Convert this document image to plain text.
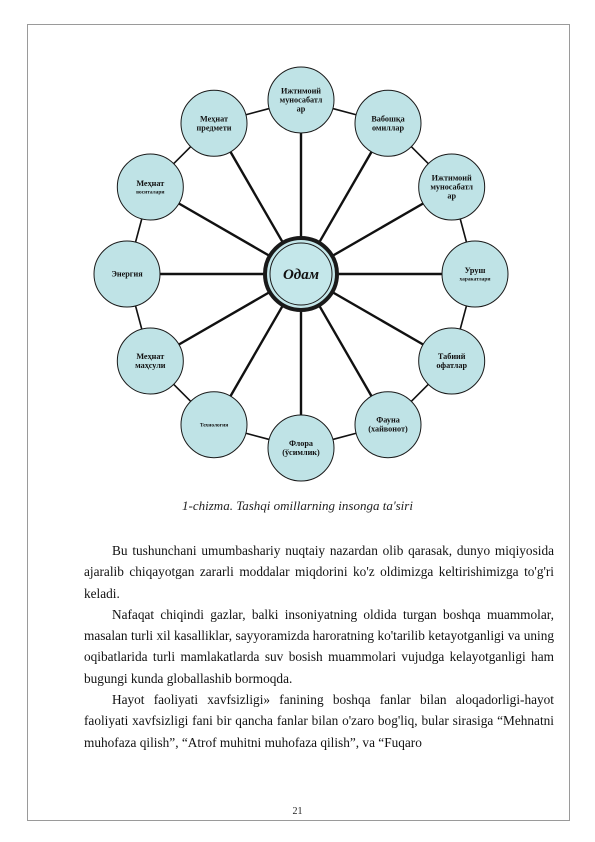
Ижтимоий
муносабатл
ар
Вабошқа
омиллар
Ижтимоий
муносабатл
ар
Уруш
харакатлари
Табиий
офатлар
Фауна
(хайвонот)
Флора
(ўсимлик)
Технология
Меҳнат
маҳсули
Энергия
Меҳнат
воситалари
Меҳнат
предмети
Одам
1-chizma. Tashqi omillarning insonga ta'siri

Bu tushunchani umumbashariy nuqtaiy nazardan olib qarasak, dunyo miqiyosida ajaralib chiqayotgan zararli moddalar miqdorini ko'z oldimizga keltirishimizga to'g'ri keladi.

Nafaqat chiqindi gazlar, balki insoniyatning oldida turgan boshqa muammolar, masalan turli xil kasalliklar, sayyoramizda haroratning ko'tarilib ketayotganligi va uning oqibatlarida turli mamlakatlarda suv bosish muammolari vujudga kelayotganligi ham bugungi kunda globallashib bormoqda.

Hayot faoliyati xavfsizligi» fanining boshqa fanlar bilan aloqadorligi-hayot faoliyati xavfsizligi fani bir qancha fanlar bilan o'zaro bog'liq, bular sirasiga “Mehnatni muhofaza qilish”, “Atrof muhitni muhofaza qilish”, va “Fuqaro

21
